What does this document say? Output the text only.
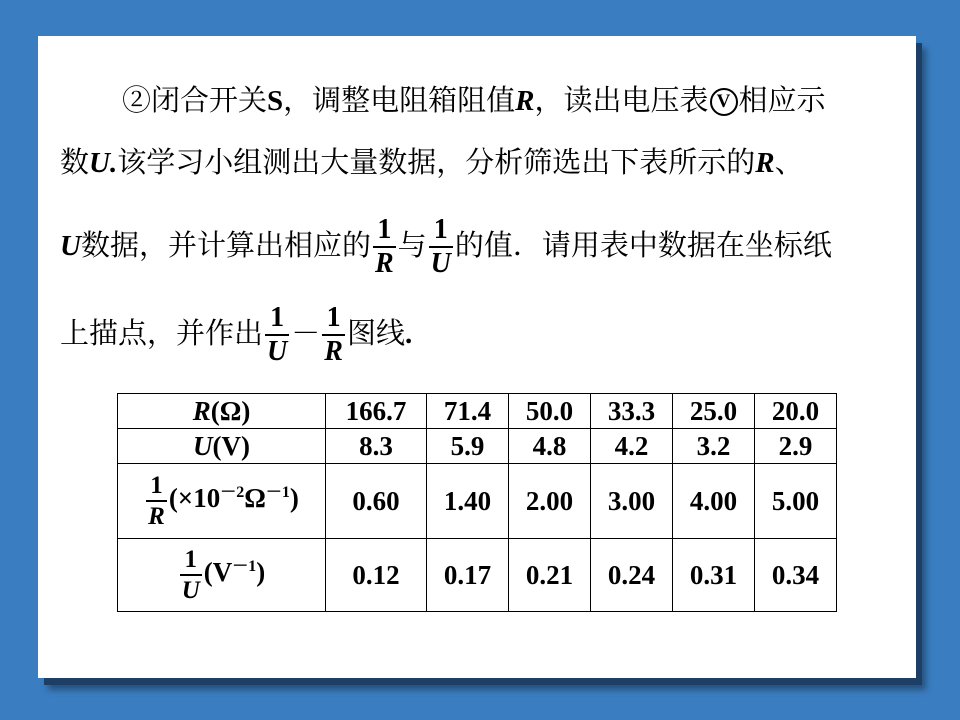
②闭合开关S，调整电阻箱阻值R，读出电压表 V 相应示
数U.该学习小组测出大量数据，分析筛选出下表所示的R、
U数据，并计算出相应的 $\frac{1}{R}$ 与 $\frac{1}{U}$ 的值．请用表中数据在坐标纸
上描点，并作出 $\frac{1}{U} - \frac{1}{R}$ 图线.
R(Ω)	166.7	71.4	50.0	33.3	25.0	20.0
U(V)	8.3	5.9	4.8	4.2	3.2	2.9

$\frac{1}{R} (\times 10^{-2}\Omega^{-1})$	0.60	1.40	2.00	3.00	4.00	5.00

$\frac{1}{U} (V^{-1})$	0.12	0.17	0.21	0.24	0.31	0.34
